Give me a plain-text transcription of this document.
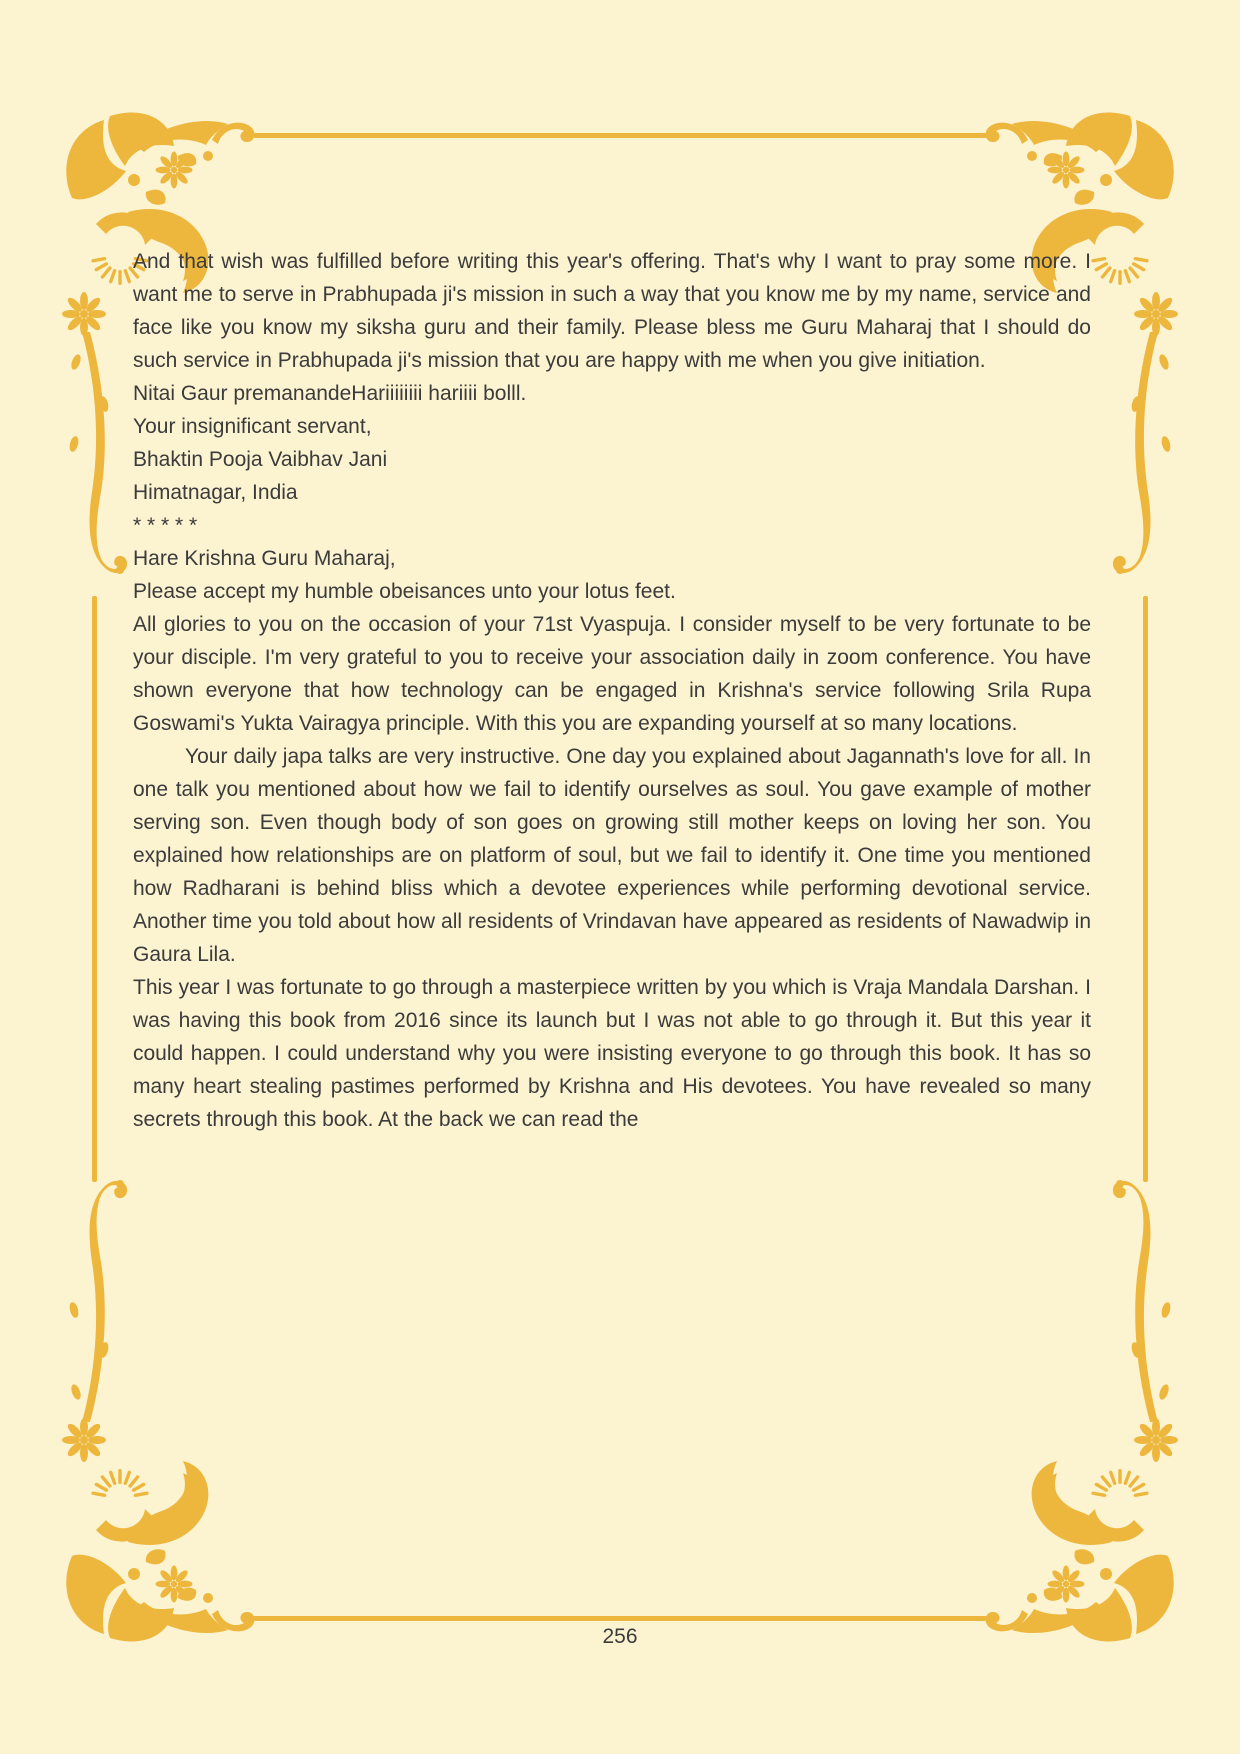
And that wish was fulfilled before writing this year's offering. That's why I want to pray some more. I want me to serve in Prabhupada ji's mission in such a way that you know me by my name, service and face like you know my siksha guru and their family. Please bless me Guru Maharaj that I should do such service in Prabhupada ji's mission that you are happy with me when you give initiation.

Nitai Gaur premanandeHariiiiiiii hariiii bolll.

Your insignificant servant,

Bhaktin Pooja Vaibhav Jani

Himatnagar, India

* * * * *

Hare Krishna Guru Maharaj,

Please accept my humble obeisances unto your lotus feet.

All glories to you on the occasion of your 71st Vyaspuja. I consider myself to be very fortunate to be your disciple. I'm very grateful to you to receive your association daily in zoom conference. You have shown everyone that how technology can be engaged in Krishna's service following Srila Rupa Goswami's Yukta Vairagya principle. With this you are expanding yourself at so many locations.

Your daily japa talks are very instructive. One day you explained about Jagannath's love for all. In one talk you mentioned about how we fail to identify ourselves as soul. You gave example of mother serving son. Even though body of son goes on growing still mother keeps on loving her son. You explained how relationships are on platform of soul, but we fail to identify it. One time you mentioned how Radharani is behind bliss which a devotee experiences while performing devotional service. Another time you told about how all residents of Vrindavan have appeared as residents of Nawadwip in Gaura Lila.

This year I was fortunate to go through a masterpiece written by you which is Vraja Mandala Darshan. I was having this book from 2016 since its launch but I was not able to go through it. But this year it could happen. I could understand why you were insisting everyone to go through this book. It has so many heart stealing pastimes performed by Krishna and His devotees. You have revealed so many secrets through this book. At the back we can read the

256
